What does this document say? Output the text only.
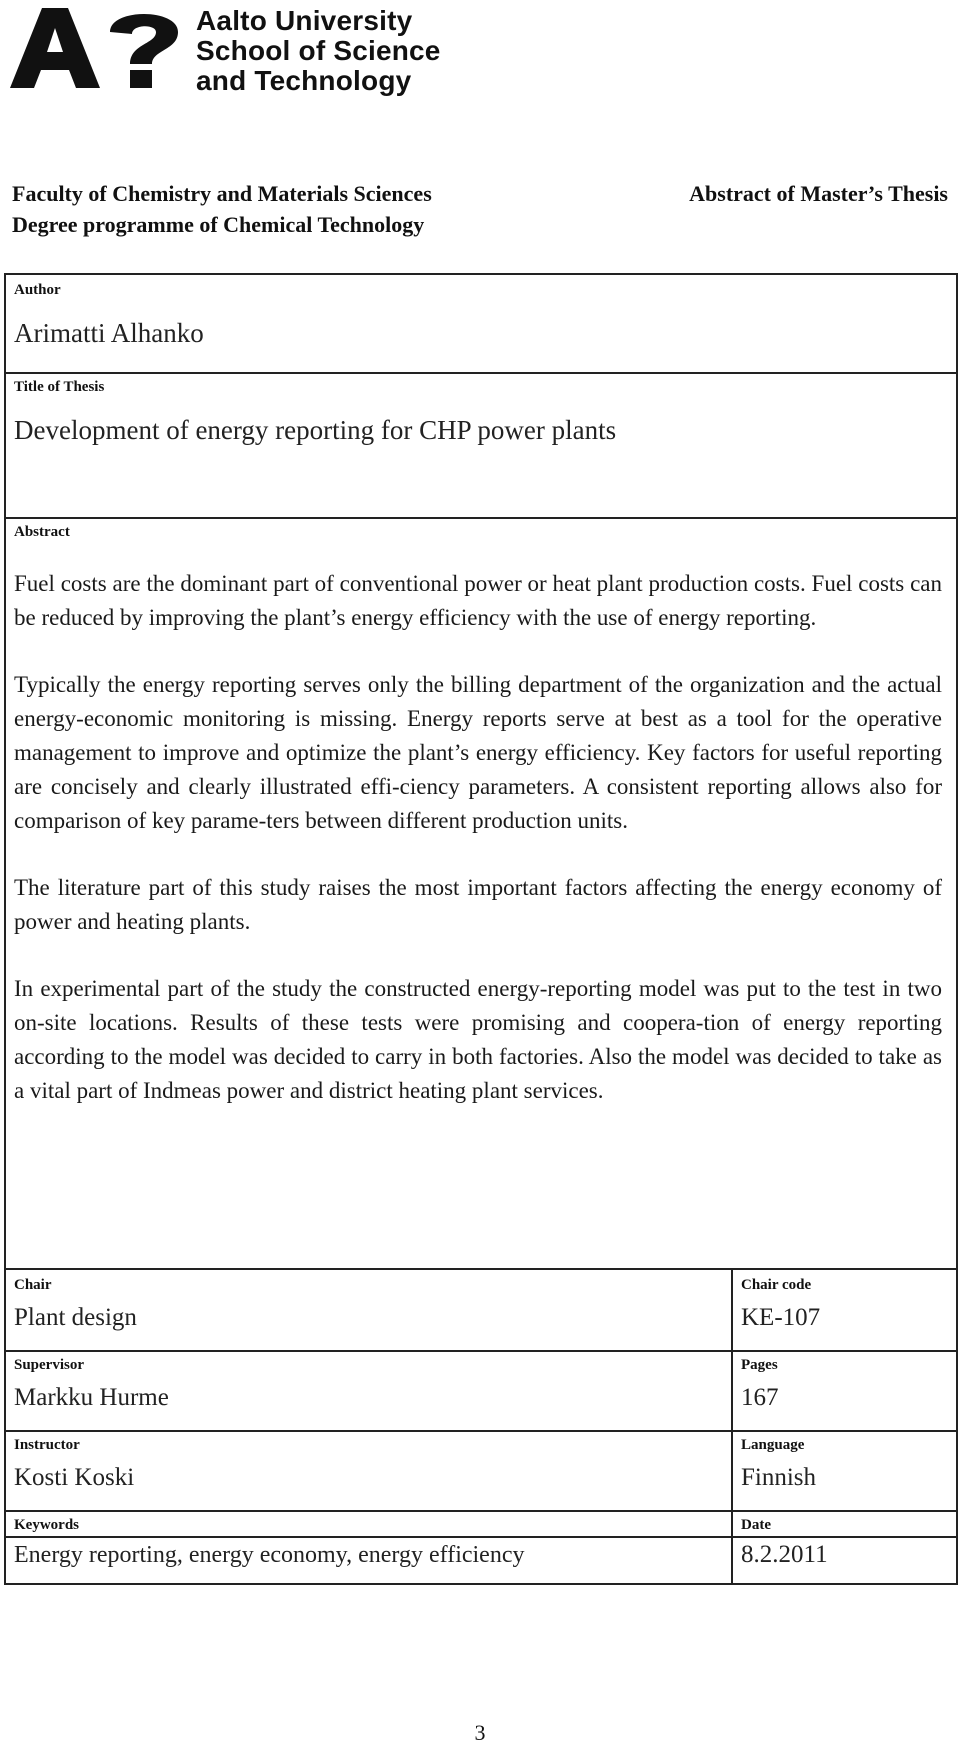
Aalto University
School of Science
and Technology
Faculty of Chemistry and Materials Sciences
Degree programme of Chemical Technology
Abstract of Master’s Thesis
Author
Arimatti Alhanko
Title of Thesis
Development of energy reporting for CHP power plants
Abstract

Fuel costs are the dominant part of conventional power or heat plant production costs. Fuel costs can be reduced by improving the plant’s energy efficiency with the use of energy reporting.

Typically the energy reporting serves only the billing department of the organization and the actual energy-economic monitoring is missing. Energy reports serve at best as a tool for the operative management to improve and optimize the plant’s energy efficiency. Key factors for useful reporting are concisely and clearly illustrated effi-ciency parameters. A consistent reporting allows also for comparison of key parame-ters between different production units.

The literature part of this study raises the most important factors affecting the energy economy of power and heating plants.

In experimental part of the study the constructed energy-reporting model was put to the test in two on-site locations. Results of these tests were promising and coopera-tion of energy reporting according to the model was decided to carry in both factories. Also the model was decided to take as a vital part of Indmeas power and district heating plant services.

Chair
Plant design
Chair code
KE-107
Supervisor
Markku Hurme
Pages
167
Instructor
Kosti Koski
Language
Finnish
Keywords
Energy reporting, energy economy, energy efficiency
Date
8.2.2011
3
